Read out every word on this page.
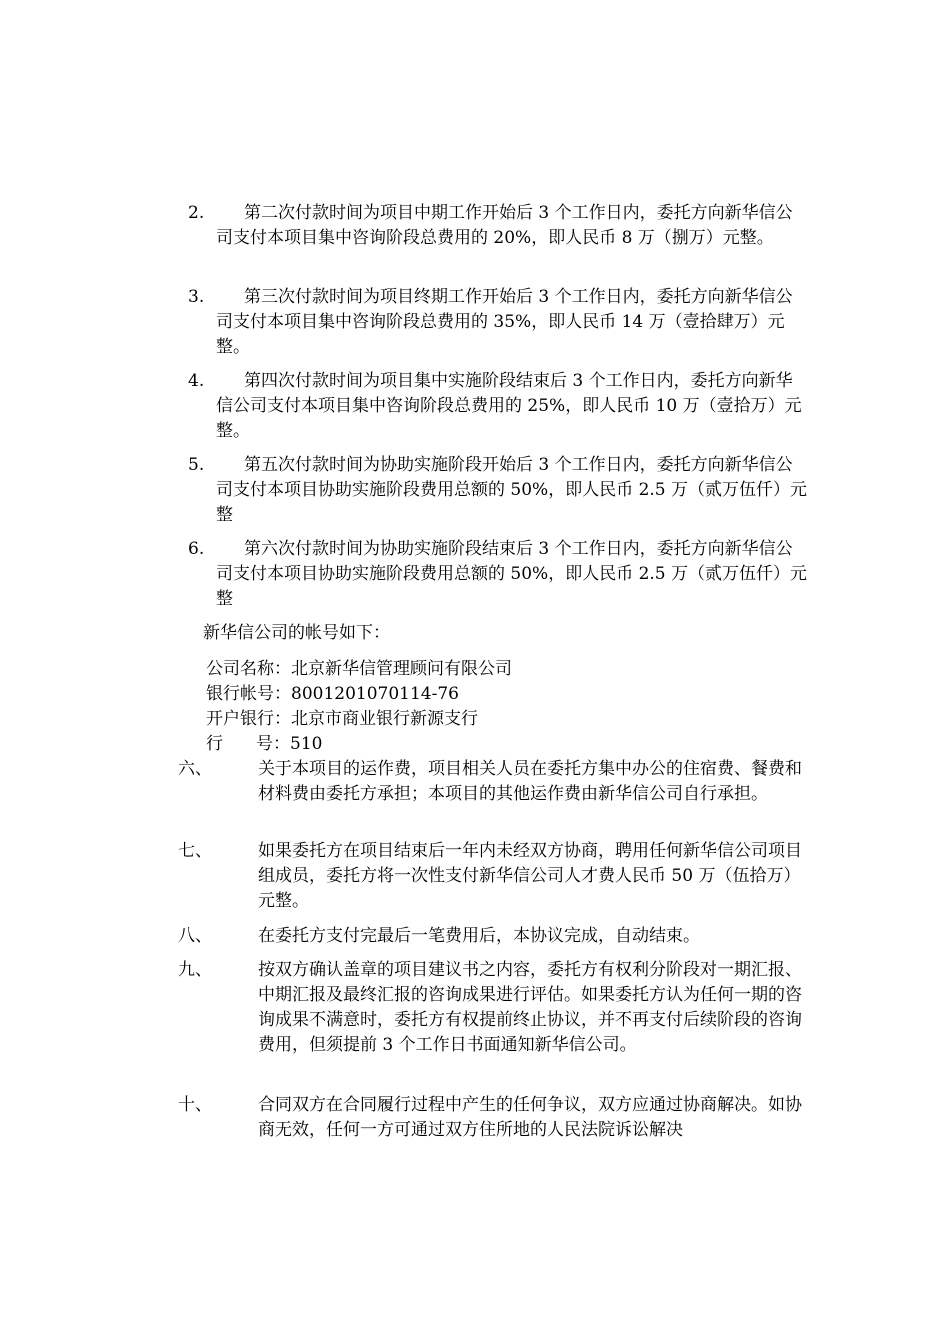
2.	第二次付款时间为项目中期工作开始后 3 个工作日内，委托方向新华信公司支付本项目集中咨询阶段总费用的 20%，即人民币 8 万（捌万）元整。
3.	第三次付款时间为项目终期工作开始后 3 个工作日内，委托方向新华信公司支付本项目集中咨询阶段总费用的 35%，即人民币 14 万（壹拾肆万）元整。
4.	第四次付款时间为项目集中实施阶段结束后 3 个工作日内，委托方向新华信公司支付本项目集中咨询阶段总费用的 25%，即人民币 10 万（壹拾万）元整。
5.	第五次付款时间为协助实施阶段开始后 3 个工作日内，委托方向新华信公司支付本项目协助实施阶段费用总额的 50%，即人民币 2.5 万（贰万伍仟）元整
6.	第六次付款时间为协助实施阶段结束后 3 个工作日内，委托方向新华信公司支付本项目协助实施阶段费用总额的 50%，即人民币 2.5 万（贰万伍仟）元整
新华信公司的帐号如下：
公司名称：北京新华信管理顾问有限公司
银行帐号：8001201070114-76
开户银行：北京市商业银行新源支行
行 号：510
六、	关于本项目的运作费，项目相关人员在委托方集中办公的住宿费、餐费和材料费由委托方承担；本项目的其他运作费由新华信公司自行承担。
七、	如果委托方在项目结束后一年内未经双方协商，聘用任何新华信公司项目组成员，委托方将一次性支付新华信公司人才费人民币 50 万（伍拾万）元整。
八、	在委托方支付完最后一笔费用后，本协议完成，自动结束。
九、	按双方确认盖章的项目建议书之内容，委托方有权利分阶段对一期汇报、中期汇报及最终汇报的咨询成果进行评估。如果委托方认为任何一期的咨询成果不满意时，委托方有权提前终止协议，并不再支付后续阶段的咨询费用，但须提前 3 个工作日书面通知新华信公司。
十、	合同双方在合同履行过程中产生的任何争议，双方应通过协商解决。如协商无效，任何一方可通过双方住所地的人民法院诉讼解决
